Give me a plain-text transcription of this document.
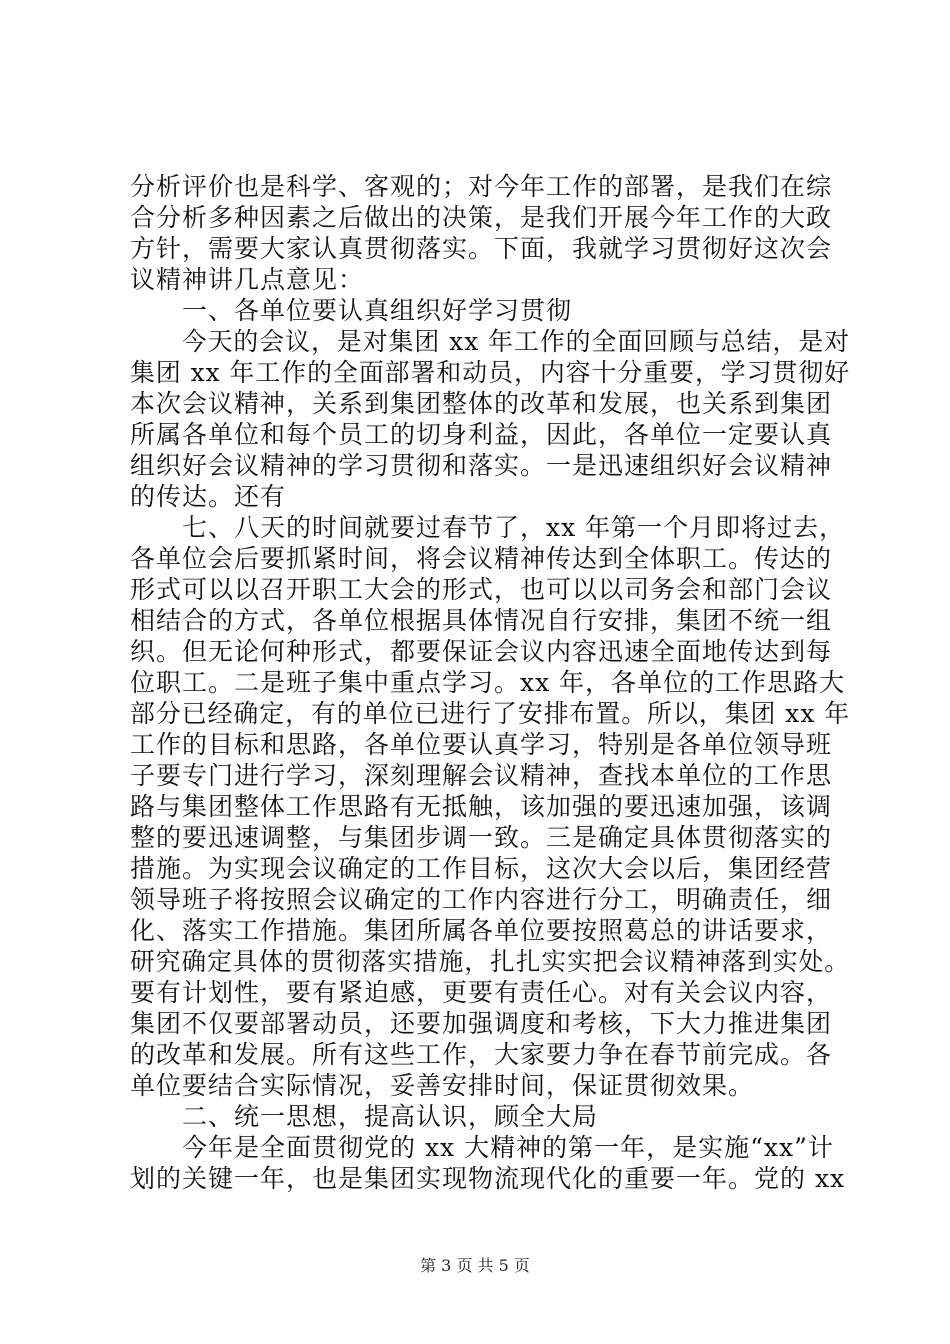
分析评价也是科学、客观的；对今年工作的部署，是我们在综
合分析多种因素之后做出的决策，是我们开展今年工作的大政
方针，需要大家认真贯彻落实。下面，我就学习贯彻好这次会
议精神讲几点意见：
　　一、各单位要认真组织好学习贯彻
　　今天的会议，是对集团 xx 年工作的全面回顾与总结，是对
集团 xx 年工作的全面部署和动员，内容十分重要，学习贯彻好
本次会议精神，关系到集团整体的改革和发展，也关系到集团
所属各单位和每个员工的切身利益，因此，各单位一定要认真
组织好会议精神的学习贯彻和落实。一是迅速组织好会议精神
的传达。还有
　　七、八天的时间就要过春节了，xx 年第一个月即将过去，
各单位会后要抓紧时间，将会议精神传达到全体职工。传达的
形式可以以召开职工大会的形式，也可以以司务会和部门会议
相结合的方式，各单位根据具体情况自行安排，集团不统一组
织。但无论何种形式，都要保证会议内容迅速全面地传达到每
位职工。二是班子集中重点学习。xx 年，各单位的工作思路大
部分已经确定，有的单位已进行了安排布置。所以，集团 xx 年
工作的目标和思路，各单位要认真学习，特别是各单位领导班
子要专门进行学习，深刻理解会议精神，查找本单位的工作思
路与集团整体工作思路有无抵触，该加强的要迅速加强，该调
整的要迅速调整，与集团步调一致。三是确定具体贯彻落实的
措施。为实现会议确定的工作目标，这次大会以后，集团经营
领导班子将按照会议确定的工作内容进行分工，明确责任，细
化、落实工作措施。集团所属各单位要按照葛总的讲话要求，
研究确定具体的贯彻落实措施，扎扎实实把会议精神落到实处。
要有计划性，要有紧迫感，更要有责任心。对有关会议内容，
集团不仅要部署动员，还要加强调度和考核，下大力推进集团
的改革和发展。所有这些工作，大家要力争在春节前完成。各
单位要结合实际情况，妥善安排时间，保证贯彻效果。
　　二、统一思想，提高认识，顾全大局
　　今年是全面贯彻党的 xx 大精神的第一年，是实施“xx”计
划的关键一年，也是集团实现物流现代化的重要一年。党的 xx
第 3 页 共 5 页
